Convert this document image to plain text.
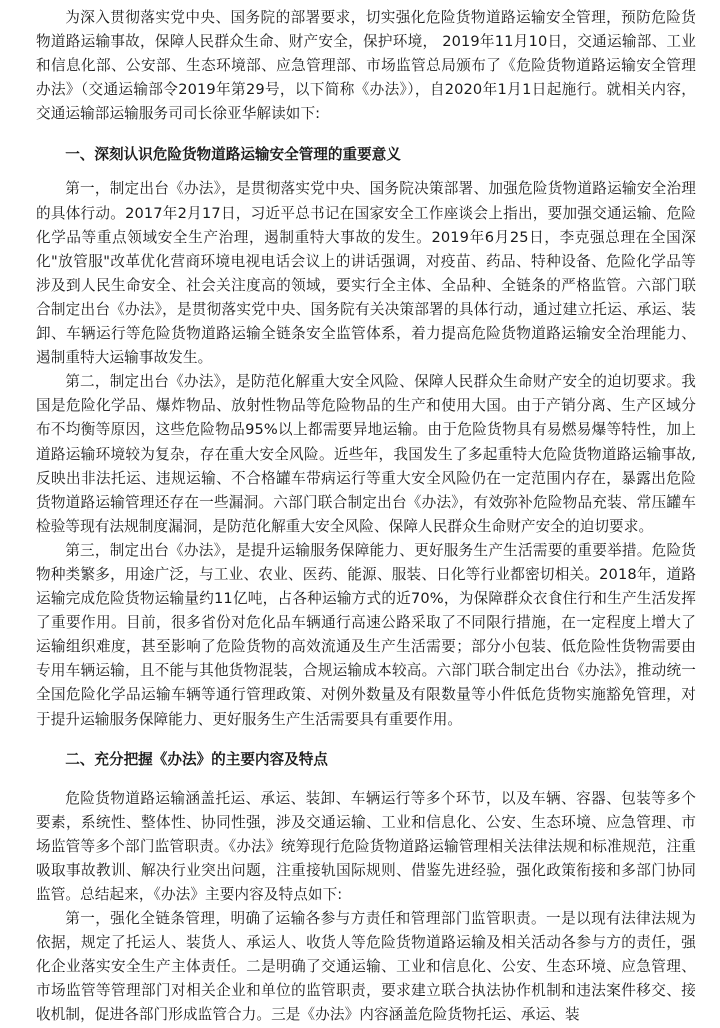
为深入贯彻落实党中央、国务院的部署要求，切实强化危险货物道路运输安全管理，预防危险货物道路运输事故，保障人民群众生命、财产安全，保护环境， 2019年11月10日，交通运输部、工业和信息化部、公安部、生态环境部、应急管理部、市场监管总局颁布了《危险货物道路运输安全管理办法》（交通运输部令2019年第29号，以下简称《办法》），自2020年1月1日起施行。就相关内容，交通运输部运输服务司司长徐亚华解读如下:

一、深刻认识危险货物道路运输安全管理的重要意义

第一，制定出台《办法》，是贯彻落实党中央、国务院决策部署、加强危险货物道路运输安全治理的具体行动。2017年2月17日，习近平总书记在国家安全工作座谈会上指出，要加强交通运输、危险化学品等重点领域安全生产治理，遏制重特大事故的发生。2019年6月25日，李克强总理在全国深化"放管服"改革优化营商环境电视电话会议上的讲话强调，对疫苗、药品、特种设备、危险化学品等涉及到人民生命安全、社会关注度高的领域，要实行全主体、全品种、全链条的严格监管。六部门联合制定出台《办法》，是贯彻落实党中央、国务院有关决策部署的具体行动，通过建立托运、承运、装卸、车辆运行等危险货物道路运输全链条安全监管体系，着力提高危险货物道路运输安全治理能力、遏制重特大运输事故发生。

第二，制定出台《办法》，是防范化解重大安全风险、保障人民群众生命财产安全的迫切要求。我国是危险化学品、爆炸物品、放射性物品等危险物品的生产和使用大国。由于产销分离、生产区域分布不均衡等原因，这些危险物品95%以上都需要异地运输。由于危险货物具有易燃易爆等特性，加上道路运输环境较为复杂，存在重大安全风险。近些年，我国发生了多起重特大危险货物道路运输事故,反映出非法托运、违规运输、不合格罐车带病运行等重大安全风险仍在一定范围内存在，暴露出危险货物道路运输管理还存在一些漏洞。六部门联合制定出台《办法》，有效弥补危险物品充装、常压罐车检验等现有法规制度漏洞，是防范化解重大安全风险、保障人民群众生命财产安全的迫切要求。

第三，制定出台《办法》，是提升运输服务保障能力、更好服务生产生活需要的重要举措。危险货物种类繁多，用途广泛，与工业、农业、医药、能源、服装、日化等行业都密切相关。2018年，道路运输完成危险货物运输量约11亿吨，占各种运输方式的近70%，为保障群众衣食住行和生产生活发挥了重要作用。目前，很多省份对危化品车辆通行高速公路采取了不同限行措施，在一定程度上增大了运输组织难度，甚至影响了危险货物的高效流通及生产生活需要；部分小包装、低危险性货物需要由专用车辆运输，且不能与其他货物混装，合规运输成本较高。六部门联合制定出台《办法》，推动统一全国危险化学品运输车辆等通行管理政策、对例外数量及有限数量等小件低危货物实施豁免管理，对于提升运输服务保障能力、更好服务生产生活需要具有重要作用。

二、充分把握《办法》的主要内容及特点

危险货物道路运输涵盖托运、承运、装卸、车辆运行等多个环节，以及车辆、容器、包装等多个要素，系统性、整体性、协同性强，涉及交通运输、工业和信息化、公安、生态环境、应急管理、市场监管等多个部门监管职责。《办法》统筹现行危险货物道路运输管理相关法律法规和标准规范，注重吸取事故教训、解决行业突出问题，注重接轨国际规则、借鉴先进经验，强化政策衔接和多部门协同监管。总结起来，《办法》主要内容及特点如下:

第一，强化全链条管理，明确了运输各参与方责任和管理部门监管职责。一是以现有法律法规为依据，规定了托运人、装货人、承运人、收货人等危险货物道路运输及相关活动各参与方的责任，强化企业落实安全生产主体责任。二是明确了交通运输、工业和信息化、公安、生态环境、应急管理、市场监管等管理部门对相关企业和单位的监管职责，要求建立联合执法协作机制和违法案件移交、接收机制，促进各部门形成监管合力。三是《办法》内容涵盖危险货物托运、承运、装
